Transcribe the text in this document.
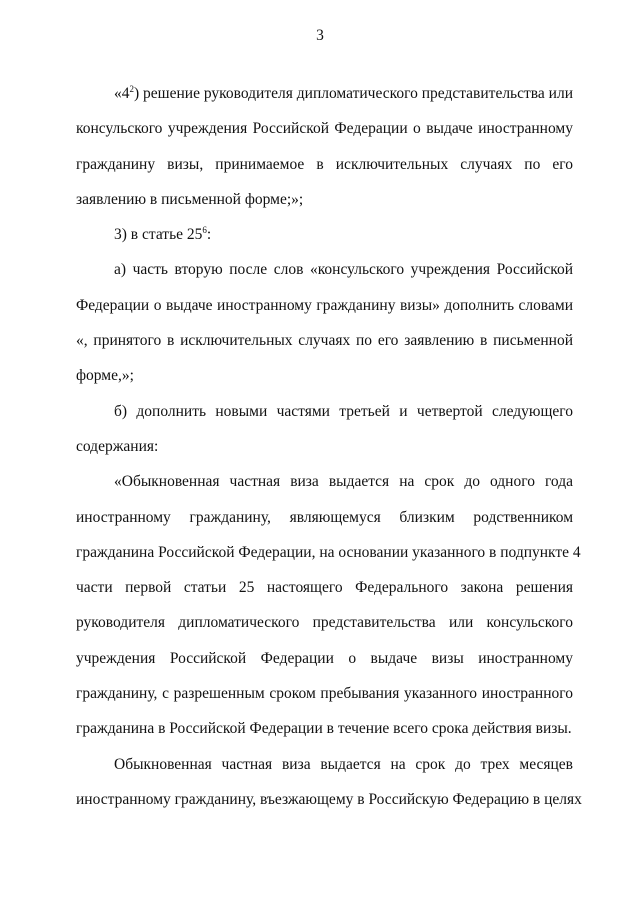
3
«$4^2$) решение руководителя дипломатического представительства или
консульского учреждения Российской Федерации о выдаче иностранному
гражданину визы, принимаемое в исключительных случаях по его
заявлению в письменной форме;»;
3) в статье $25^6$:
а) часть вторую после слов «консульского учреждения Российской
Федерации о выдаче иностранному гражданину визы» дополнить словами
«, принятого в исключительных случаях по его заявлению в письменной
форме,»;
б) дополнить новыми частями третьей и четвертой следующего
содержания:
«Обыкновенная частная виза выдается на срок до одного года
иностранному гражданину, являющемуся близким родственником
гражданина Российской Федерации, на основании указанного в подпункте 4
части первой статьи 25 настоящего Федерального закона решения
руководителя дипломатического представительства или консульского
учреждения Российской Федерации о выдаче визы иностранному
гражданину, с разрешенным сроком пребывания указанного иностранного
гражданина в Российской Федерации в течение всего срока действия визы.
Обыкновенная частная виза выдается на срок до трех месяцев
иностранному гражданину, въезжающему в Российскую Федерацию в целях
